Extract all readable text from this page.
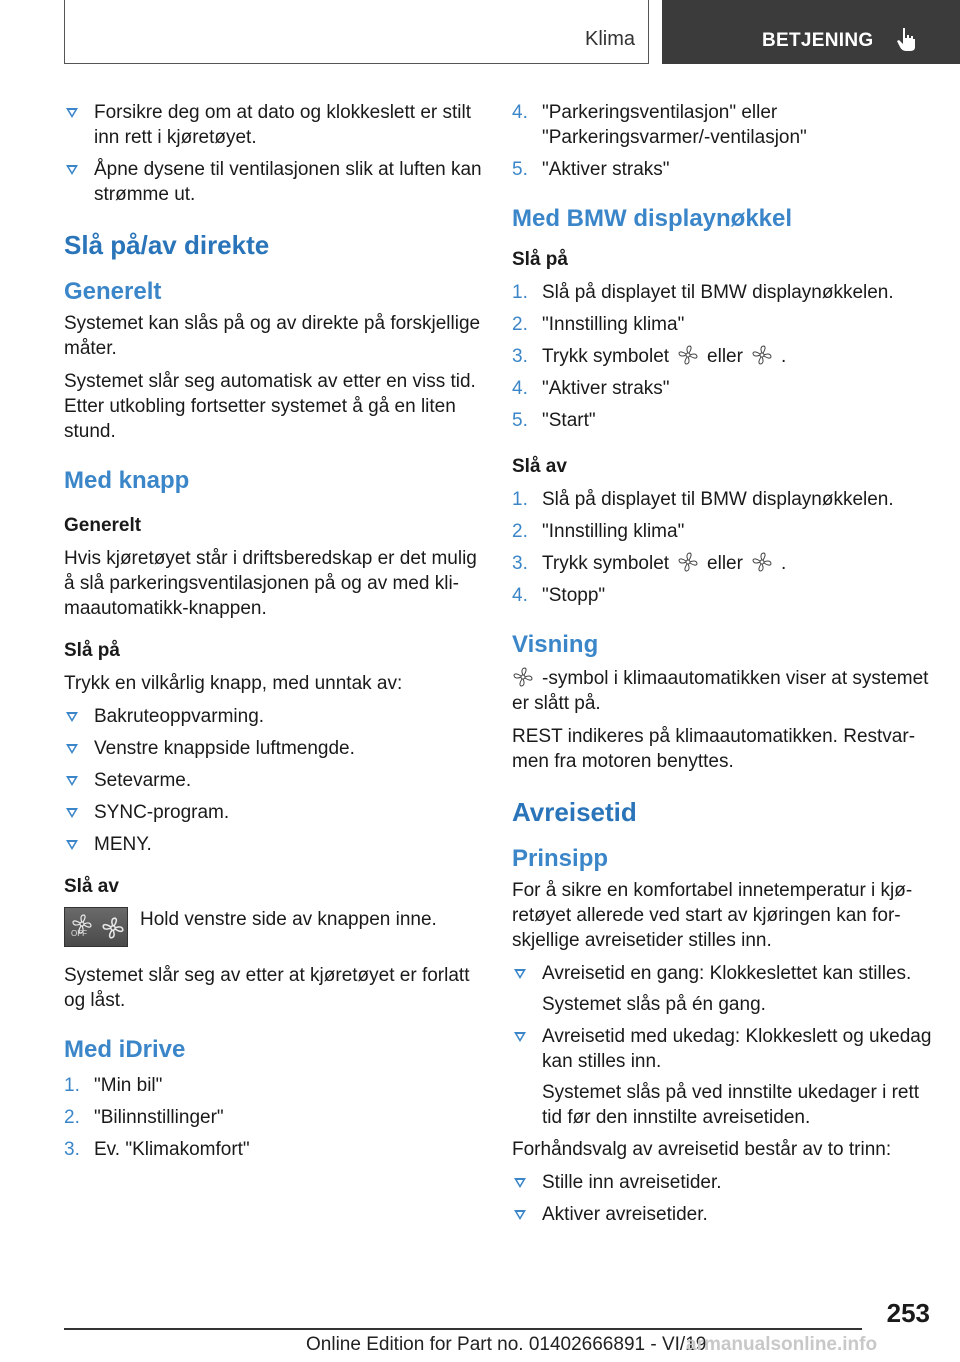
Klima	BETJENING
Forsikre deg om at dato og klokkeslett er stilt inn rett i kjøretøyet.
Åpne dysene til ventilasjonen slik at luften kan strømme ut.
Slå på/av direkte
Generelt

Systemet kan slås på og av direkte på forskjellige måter.

Systemet slår seg automatisk av etter en viss tid. Etter utkobling fortsetter systemet å gå en liten stund.

Med knapp
Generelt

Hvis kjøretøyet står i driftsberedskap er det mulig å slå parkeringsventilasjonen på og av med klimaautomatikk-knappen.

Slå på

Trykk en vilkårlig knapp, med unntak av:

Bakruteoppvarming.
Venstre knappside luftmengde.
Setevarme.
SYNC-program.
MENY.
Slå av
OFF
Hold venstre side av knappen inne.

Systemet slår seg av etter at kjøretøyet er forlatt og låst.

Med iDrive
1. "Min bil"
2. "Bilinnstillinger"
3. Ev. "Klimakomfort"
4. "Parkeringsventilasjon" eller "Parkeringsvarmer/-ventilasjon"
5. "Aktiver straks"
Med BMW displaynøkkel
Slå på
1. Slå på displayet til BMW displaynøkkelen.
2. "Innstilling klima"
3. Trykk symbolet eller .
4. "Aktiver straks"
5. "Start"
Slå av
1. Slå på displayet til BMW displaynøkkelen.
2. "Innstilling klima"
3. Trykk symbolet eller .
4. "Stopp"
Visning

-symbol i klimaautomatikken viser at systemet er slått på.

REST indikeres på klimaautomatikken. Restvarmen fra motoren benyttes.

Avreisetid
Prinsipp

For å sikre en komfortabel innetemperatur i kjøretøyet allerede ved start av kjøringen kan forskjellige avreisetider stilles inn.

Avreisetid en gang: Klokkeslettet kan stilles.
Systemet slås på én gang.
Avreisetid med ukedag: Klokkeslett og ukedag kan stilles inn.
Systemet slås på ved innstilte ukedager i rett tid før den innstilte avreisetiden.

Forhåndsvalg av avreisetid består av to trinn:

Stille inn avreisetider.
Aktiver avreisetider.
253
Online Edition for Part no. 01402666891 - VI/19
armanualsonline.info
